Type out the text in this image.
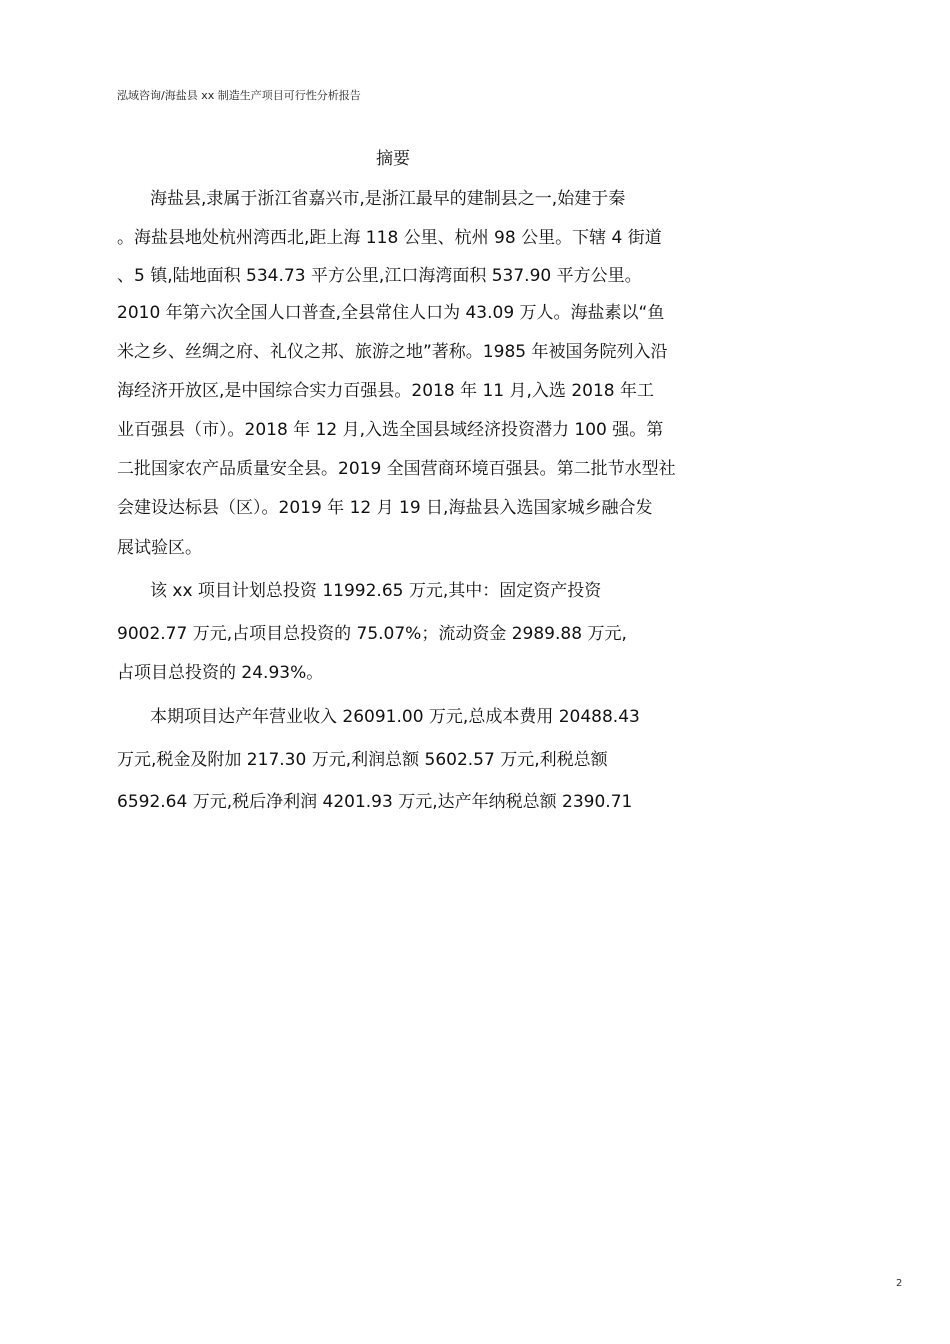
泓域咨询/海盐县 xx 制造生产项目可行性分析报告
摘要
海盐县,隶属于浙江省嘉兴市,是浙江最早的建制县之一,始建于秦
。海盐县地处杭州湾西北,距上海 118 公里、杭州 98 公里。下辖 4 街道
、5 镇,陆地面积 534.73 平方公里,江口海湾面积 537.90 平方公里。
2010 年第六次全国人口普查,全县常住人口为 43.09 万人。海盐素以“鱼
米之乡、丝绸之府、礼仪之邦、旅游之地”著称。1985 年被国务院列入沿
海经济开放区,是中国综合实力百强县。2018 年 11 月,入选 2018 年工
业百强县（市）。2018 年 12 月,入选全国县域经济投资潜力 100 强。第
二批国家农产品质量安全县。2019 全国营商环境百强县。第二批节水型社
会建设达标县（区）。2019 年 12 月 19 日,海盐县入选国家城乡融合发
展试验区。
该 xx 项目计划总投资 11992.65 万元,其中：固定资产投资
9002.77 万元,占项目总投资的 75.07%；流动资金 2989.88 万元,
占项目总投资的 24.93%。
本期项目达产年营业收入 26091.00 万元,总成本费用 20488.43
万元,税金及附加 217.30 万元,利润总额 5602.57 万元,利税总额
6592.64 万元,税后净利润 4201.93 万元,达产年纳税总额 2390.71
2
